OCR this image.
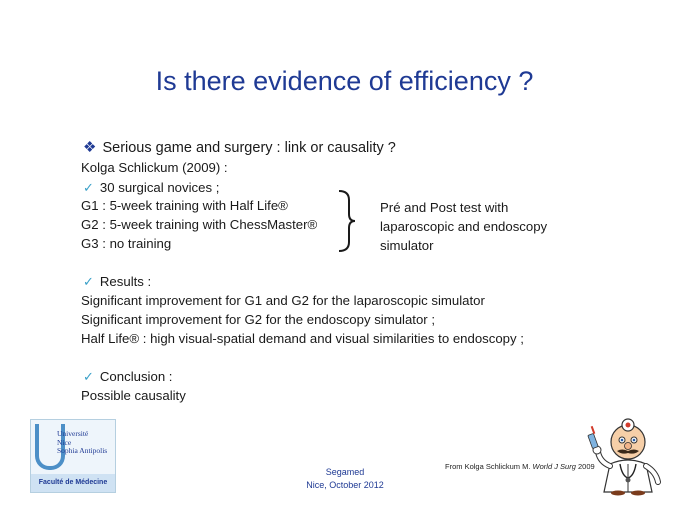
Is there evidence of efficiency ?
❖ Serious game and surgery : link or causality ?
Kolga Schlickum (2009) :
✓ 30 surgical novices ;
G1 : 5-week training with Half Life®
G2 : 5-week training with ChessMaster®
G3 : no training
Pré and Post test with
laparoscopic and endoscopy
simulator
✓ Results :
Significant improvement for G1 and G2 for the laparoscopic simulator
Significant improvement for G2 for the endoscopy simulator ;
Half Life® : high visual-spatial demand and visual similarities to endoscopy ;
✓ Conclusion :
Possible causality
Université
Nice
Sophia Antipolis
Faculté de Médecine
Segamed
Nice, October 2012
From Kolga Schlickum M. World J Surg 2009
